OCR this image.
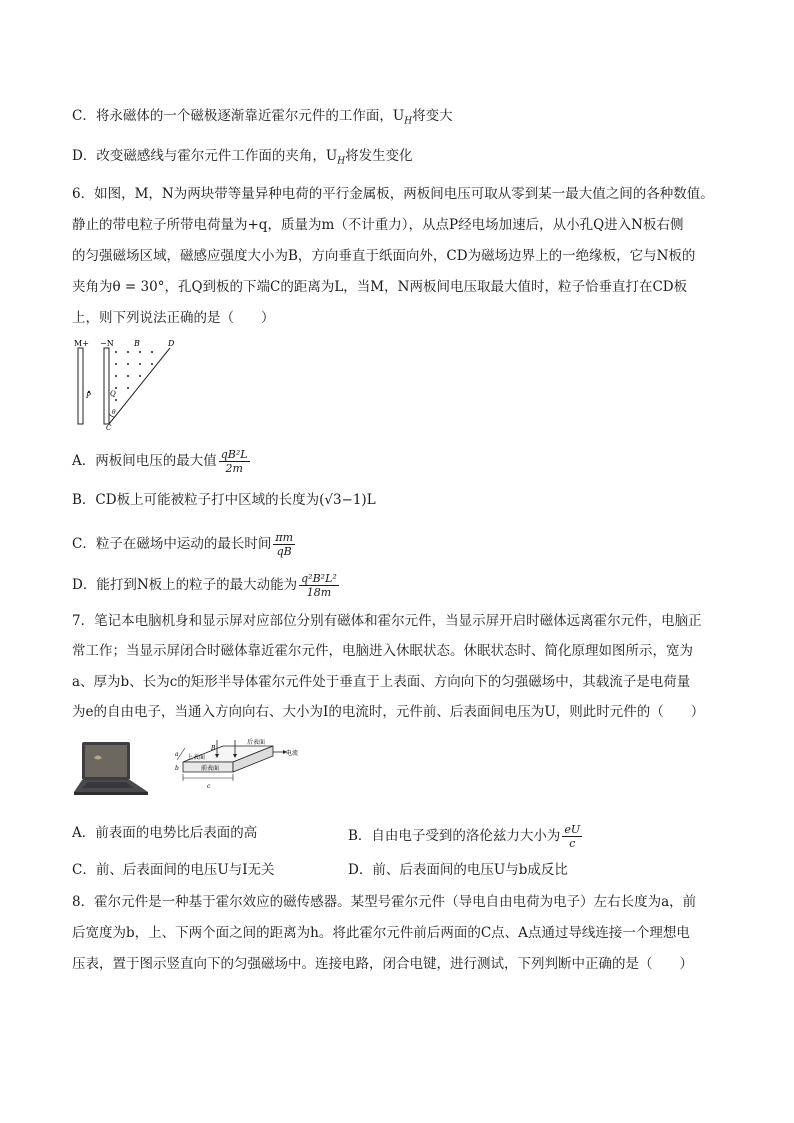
C．将永磁体的一个磁极逐渐靠近霍尔元件的工作面，$U_H$将变大
D．改变磁感线与霍尔元件工作面的夹角，$U_H$将发生变化
6．如图，M，N为两块带等量异种电荷的平行金属板，两板间电压可取从零到某一最大值之间的各种数值。
静止的带电粒子所带电荷量为+q，质量为m（不计重力），从点P经电场加速后，从小孔Q进入N板右侧
的匀强磁场区域，磁感应强度大小为B，方向垂直于纸面向外，CD为磁场边界上的一绝缘板，它与N板的
夹角为θ = 30°，孔Q到板的下端C的距离为L，当M，N两板间电压取最大值时，粒子恰垂直打在CD板
上，则下列说法正确的是（　　）
M+ −N	B	D
P	Q
C
θ
A．两板间电压的最大值 $\frac{\text{qB²L}}{2m}$
B．CD板上可能被粒子打中区域的长度为(√3−1)L
C．粒子在磁场中运动的最长时间 $\frac{\pi m}{qB}$
D．能打到N板上的粒子的最大动能为 $\frac{\text{q²B²L²}}{18m}$
7．笔记本电脑机身和显示屏对应部位分别有磁体和霍尔元件，当显示屏开启时磁体远离霍尔元件，电脑正
常工作；当显示屏闭合时磁体靠近霍尔元件，电脑进入休眠状态。休眠状态时、简化原理如图所示，宽为
a、厚为b、长为c的矩形半导体霍尔元件处于垂直于上表面、方向向下的匀强磁场中，其载流子是电荷量
为e的自由电子，当通入方向向右、大小为I的电流时，元件前、后表面间电压为U，则此时元件的（　　）
后表面
上表面
前表面
电流
B
a
b
c
A．前表面的电势比后表面的高	B．自由电子受到的洛伦兹力大小为 $\frac{eU}{c}$
C．前、后表面间的电压U与I无关	D．前、后表面间的电压U与b成反比
8．霍尔元件是一种基于霍尔效应的磁传感器。某型号霍尔元件（导电自由电荷为电子）左右长度为a，前
后宽度为b，上、下两个面之间的距离为h。将此霍尔元件前后两面的C点、A点通过导线连接一个理想电
压表，置于图示竖直向下的匀强磁场中。连接电路，闭合电键，进行测试，下列判断中正确的是（　　）
